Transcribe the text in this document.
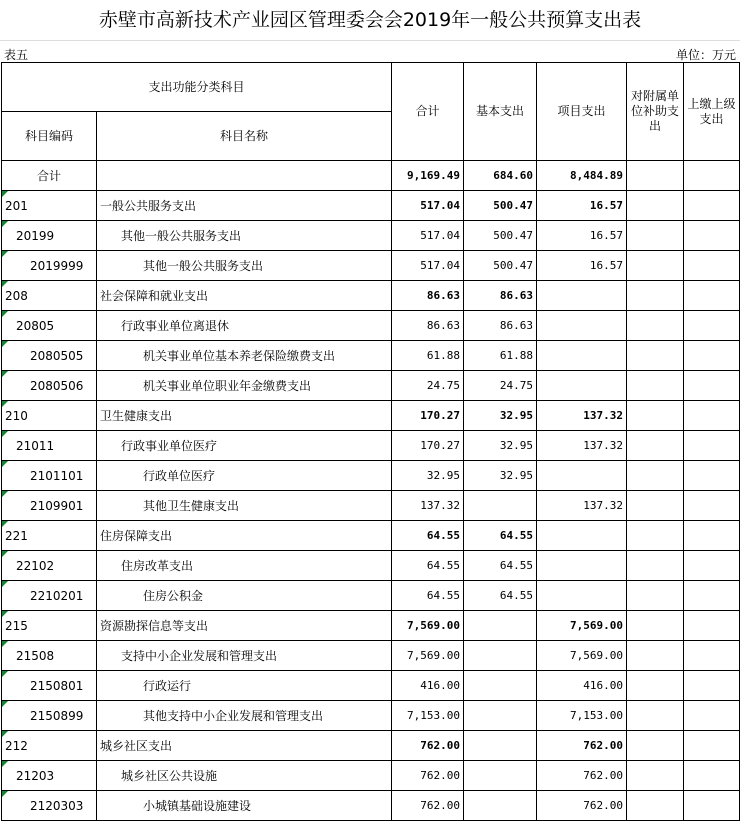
赤壁市高新技术产业园区管理委会会2019年一般公共预算支出表
表五	单位：万元
支出功能分类科目		合计	基本支出	项目支出	对附属单位补助支出	上缴上级支出
科目编码	科目名称					
合计		9,169.49	684.60	8,484.89		
201	一般公共服务支出	517.04	500.47	16.57		
20199	其他一般公共服务支出	517.04	500.47	16.57		
2019999	其他一般公共服务支出	517.04	500.47	16.57		
208	社会保障和就业支出	86.63	86.63			
20805	行政事业单位离退休	86.63	86.63			
2080505	机关事业单位基本养老保险缴费支出	61.88	61.88			
2080506	机关事业单位职业年金缴费支出	24.75	24.75			
210	卫生健康支出	170.27	32.95	137.32		
21011	行政事业单位医疗	170.27	32.95	137.32		
2101101	行政单位医疗	32.95	32.95			
2109901	其他卫生健康支出	137.32		137.32		
221	住房保障支出	64.55	64.55			
22102	住房改革支出	64.55	64.55			
2210201	住房公积金	64.55	64.55			
215	资源勘探信息等支出	7,569.00		7,569.00		
21508	支持中小企业发展和管理支出	7,569.00		7,569.00		
2150801	行政运行	416.00		416.00		
2150899	其他支持中小企业发展和管理支出	7,153.00		7,153.00		
212	城乡社区支出	762.00		762.00		
21203	城乡社区公共设施	762.00		762.00		
2120303	小城镇基础设施建设	762.00		762.00		
